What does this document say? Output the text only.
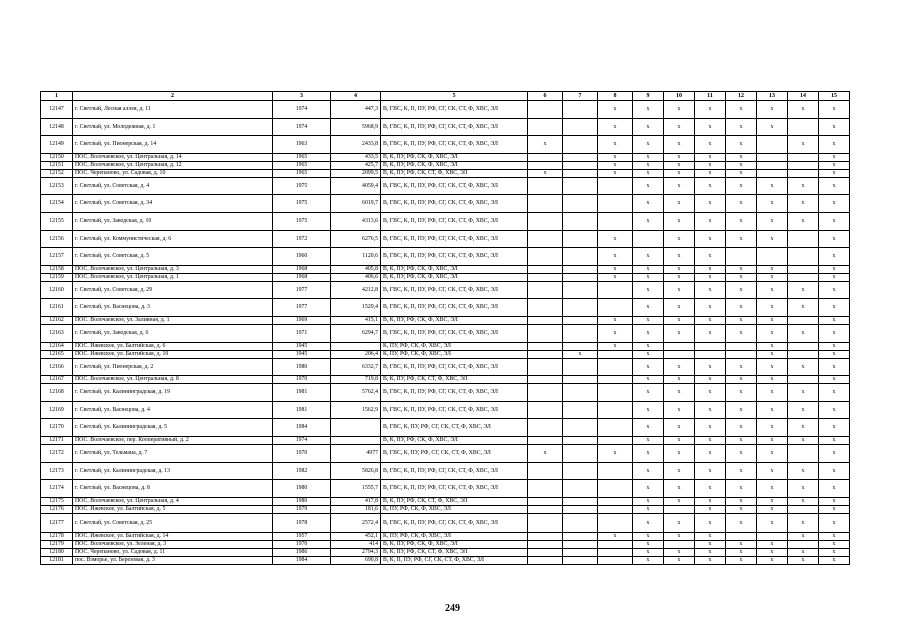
1	2	3	4	5	6	7	8	9	10	11	12	13	14	15
12147	г. Светлый, Лесная аллея, д. 11	1974	447,3	В, ГВС, К, П, ПУ, РФ, СГ, СК, СТ, Ф, ХВС, ЭЛ			х	х	х	х	х	х	х	х
12148	г. Светлый, ул. Молодежная, д. 1	1974	5968,9	В, ГВС, К, П, ПУ, РФ, СГ, СК, СТ, Ф, ХВС, ЭЛ			х	х	х	х	х	х		х
12149	г. Светлый, ул. Пионерская, д. 14	1963	2433,8	В, ГВС, К, П, ПУ, РФ, СГ, СК, СТ, Ф, ХВС, ЭЛ	х		х	х	х	х	х		х	х
12150	ПОС. Волочаевское, ул. Центральная, д. 14	1965	433,5	В, К, ПУ, РФ, СК, Ф, ХВС, ЭЛ			х	х	х	х	х			х
12151	ПОС. Волочаевское, ул. Центральная, д. 12	1965	425,7	В, К, ПУ, РФ, СК, Ф, ХВС, ЭЛ			х	х	х	х	х			х
12152	ПОС. Черепаново, ул. Садовая, д. 10	1965	2099,5	В, К, ПУ, РФ, СК, СТ, Ф, ХВС, ЭЛ	х		х	х	х	х	х			х
12153	г. Светлый, ул. Советская, д. 4	1975	4059,4	В, ГВС, К, П, ПУ, РФ, СГ, СК, СТ, Ф, ХВС, ЭЛ				х	х	х	х	х	х	х
12154	г. Светлый, ул. Советская, д. 34	1975	6019,7	В, ГВС, К, П, ПУ, РФ, СГ, СК, СТ, Ф, ХВС, ЭЛ				х	х	х	х	х	х	х
12155	г. Светлый, ул. Заводская, д. 10	1975	4313,6	В, ГВС, К, П, ПУ, РФ, СГ, СК, СТ, Ф, ХВС, ЭЛ				х	х	х	х	х	х	х
12156	г. Светлый, ул. Коммунистическая, д. 6	1972	6276,5	В, ГВС, К, П, ПУ, РФ, СГ, СК, СТ, Ф, ХВС, ЭЛ			х		х	х	х	х		х
12157	г. Светлый, ул. Советская, д. 5	1960	1120,6	В, ГВС, К, П, ПУ, РФ, СГ, СК, СТ, Ф, ХВС, ЭЛ			х	х	х	х				х
12158	ПОС. Волочаевское, ул. Центральная, д. 3	1968	405,8	В, К, ПУ, РФ, СК, Ф, ХВС, ЭЛ			х	х	х	х	х	х		х
12159	ПОС. Волочаевское, ул. Центральная, д. 1	1968	406,6	В, К, ПУ, РФ, СК, Ф, ХВС, ЭЛ			х	х	х	х	х	х		х
12160	г. Светлый, ул. Советская, д. 29	1977	4212,8	В, ГВС, К, П, ПУ, РФ, СГ, СК, СТ, Ф, ХВС, ЭЛ				х	х	х	х	х	х	х
12161	г. Светлый, ул. Васнецова, д. 3	1977	1529,4	В, ГВС, К, П, ПУ, РФ, СГ, СК, СТ, Ф, ХВС, ЭЛ				х	х	х	х	х	х	х
12162	ПОС. Волочаевское, ул. Заливная, д. 1	1969	415,1	В, К, ПУ, РФ, СК, Ф, ХВС, ЭЛ			х	х	х	х	х	х		х
12163	г. Светлый, ул. Заводская, д. 6	1971	6294,7	В, ГВС, К, П, ПУ, РФ, СГ, СК, СТ, Ф, ХВС, ЭЛ			х	х	х	х	х	х	х	х
12164	ПОС. Ижевское, ул. Балтийская, д. 6	1945		К, ПУ, РФ, СК, Ф, ХВС, ЭЛ			х	х				х		х
12165	ПОС. Ижевское, ул. Балтийская, д. 10	1945	206,4	К, ПУ, РФ, СК, Ф, ХВС, ЭЛ		х		х				х		х
12166	г. Светлый, ул. Пионерская, д. 2	1980	6332,7	В, ГВС, К, П, ПУ, РФ, СГ, СК, СТ, Ф, ХВС, ЭЛ				х	х	х	х	х	х	х
12167	ПОС. Волочаевское, ул. Центральная, д. 8	1970	719,8	В, К, ПУ, РФ, СК, СТ, Ф, ХВС, ЭЛ				х	х	х	х	х		х
12168	г. Светлый, ул. Калининградская, д. 19	1981	5762,4	В, ГВС, К, П, ПУ, РФ, СГ, СК, СТ, Ф, ХВС, ЭЛ				х	х	х	х	х	х	х
12169	г. Светлый, ул. Васнецова, д. 4	1981	1562,9	В, ГВС, К, П, ПУ, РФ, СГ, СК, СТ, Ф, ХВС, ЭЛ				х	х	х	х	х	х	х
12170	г. Светлый, ул. Калининградская, д. 5	1984		В, ГВС, К, ПУ, РФ, СГ, СК, СТ, Ф, ХВС, ЭЛ				х	х	х	х	х	х	х
12171	ПОС. Волочаевское, пер. Кооперативный, д. 2	1974		В, К, ПУ, РФ, СК, Ф, ХВС, ЭЛ				х	х	х	х	х	х	х
12172	г. Светлый, ул. Тельмана, д. 7	1970	4977	В, ГВС, К, ПУ, РФ, СГ, СК, СТ, Ф, ХВС, ЭЛ	х		х	х	х	х	х	х		х
12173	г. Светлый, ул. Калининградская, д. 13	1982	5826,8	В, ГВС, К, П, ПУ, РФ, СГ, СК, СТ, Ф, ХВС, ЭЛ				х	х	х	х	х	х	х
12174	г. Светлый, ул. Васнецова, д. 8	1980	1555,7	В, ГВС, К, П, ПУ, РФ, СГ, СК, СТ, Ф, ХВС, ЭЛ				х	х	х	х	х	х	х
12175	ПОС. Волочаевское, ул. Центральная, д. 4	1980	417,8	В, К, ПУ, РФ, СК, СТ, Ф, ХВС, ЭЛ				х	х	х	х	х	х	х
12176	ПОС. Ижевское, ул. Балтийская, д. 5	1979	181,6	К, ПУ, РФ, СК, Ф, ХВС, ЭЛ				х		х	х	х		х
12177	г. Светлый, ул. Советская, д. 25	1978	2572,4	В, ГВС, К, П, ПУ, РФ, СГ, СК, СТ, Ф, ХВС, ЭЛ				х	х	х	х	х	х	х
12178	ПОС. Ижевское, ул. Балтийская, д. 14	1957	452,1	К, ПУ, РФ, СК, Ф, ХВС, ЭЛ			х	х	х	х			х	х
12179	ПОС. Волочаевское, ул. Зеленая, д. 3	1970	414	В, К, ПУ, РФ, СК, Ф, ХВС, ЭЛ				х		х	х	х		х
12180	ПОС. Черепаново, ул. Садовая, д. 11	1986	2794,3	В, К, ПУ, РФ, СК, СТ, Ф, ХВС, ЭЛ				х	х	х	х	х	х	х
12181	пос. Взморье, ул. Березовая, д. 3	1984	690,8	В, К, П, ПУ, РФ, СГ, СК, СТ, Ф, ХВС, ЭЛ				х	х	х	х	х	х	х
249
